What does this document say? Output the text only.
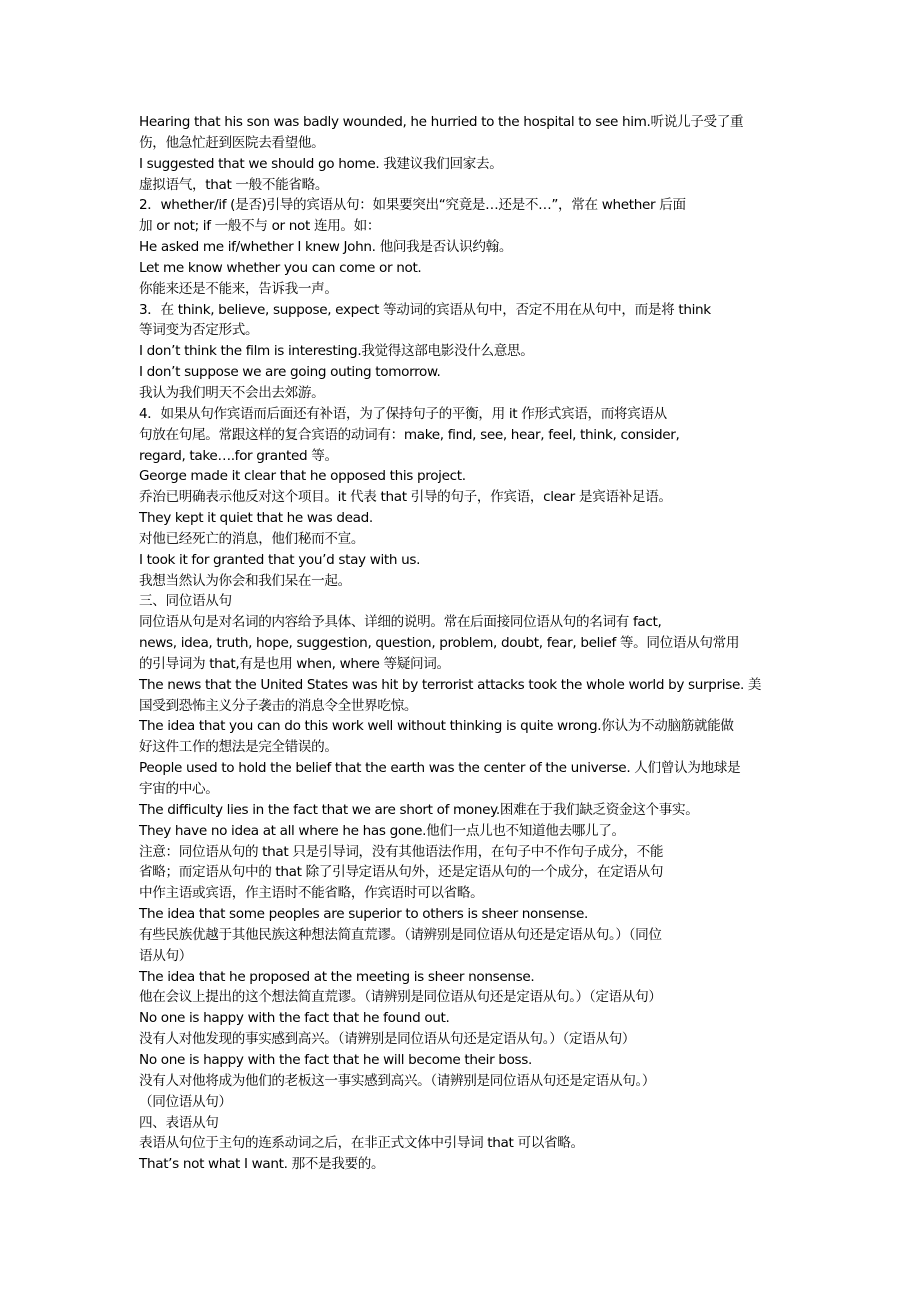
Hearing that his son was badly wounded, he hurried to the hospital to see him.听说儿子受了重
伤，他急忙赶到医院去看望他。
I suggested that we should go home. 我建议我们回家去。
虚拟语气，that 一般不能省略。
2．whether/if (是否)引导的宾语从句：如果要突出“究竟是…还是不…”，常在 whether 后面
加 or not; if 一般不与 or not 连用。如：
He asked me if/whether I knew John. 他问我是否认识约翰。
Let me know whether you can come or not.
你能来还是不能来，告诉我一声。
3．在 think, believe, suppose, expect 等动词的宾语从句中，否定不用在从句中，而是将 think
等词变为否定形式。
I don’t think the film is interesting.我觉得这部电影没什么意思。
I don’t suppose we are going outing tomorrow.
我认为我们明天不会出去郊游。
4．如果从句作宾语而后面还有补语，为了保持句子的平衡，用 it 作形式宾语，而将宾语从
句放在句尾。常跟这样的复合宾语的动词有：make, find, see, hear, feel, think, consider,
regard, take….for granted 等。
George made it clear that he opposed this project.
乔治已明确表示他反对这个项目。it 代表 that 引导的句子，作宾语，clear 是宾语补足语。
They kept it quiet that he was dead.
对他已经死亡的消息，他们秘而不宣。
I took it for granted that you’d stay with us.
我想当然认为你会和我们呆在一起。
三、同位语从句
同位语从句是对名词的内容给予具体、详细的说明。常在后面接同位语从句的名词有 fact,
news, idea, truth, hope, suggestion, question, problem, doubt, fear, belief 等。同位语从句常用
的引导词为 that,有是也用 when, where 等疑问词。
The news that the United States was hit by terrorist attacks took the whole world by surprise. 美
国受到恐怖主义分子袭击的消息令全世界吃惊。
The idea that you can do this work well without thinking is quite wrong.你认为不动脑筋就能做
好这件工作的想法是完全错误的。
People used to hold the belief that the earth was the center of the universe. 人们曾认为地球是
宇宙的中心。
The difficulty lies in the fact that we are short of money.困难在于我们缺乏资金这个事实。
They have no idea at all where he has gone.他们一点儿也不知道他去哪儿了。
注意：同位语从句的 that 只是引导词，没有其他语法作用，在句子中不作句子成分，不能
省略；而定语从句中的 that 除了引导定语从句外，还是定语从句的一个成分，在定语从句
中作主语或宾语，作主语时不能省略，作宾语时可以省略。
The idea that some peoples are superior to others is sheer nonsense.
有些民族优越于其他民族这种想法简直荒谬。（请辨别是同位语从句还是定语从句。）（同位
语从句）
The idea that he proposed at the meeting is sheer nonsense.
他在会议上提出的这个想法简直荒谬。（请辨别是同位语从句还是定语从句。）（定语从句）
No one is happy with the fact that he found out.
没有人对他发现的事实感到高兴。（请辨别是同位语从句还是定语从句。）（定语从句）
No one is happy with the fact that he will become their boss.
没有人对他将成为他们的老板这一事实感到高兴。（请辨别是同位语从句还是定语从句。）
（同位语从句）
四、表语从句
表语从句位于主句的连系动词之后，在非正式文体中引导词 that 可以省略。
That’s not what I want. 那不是我要的。
